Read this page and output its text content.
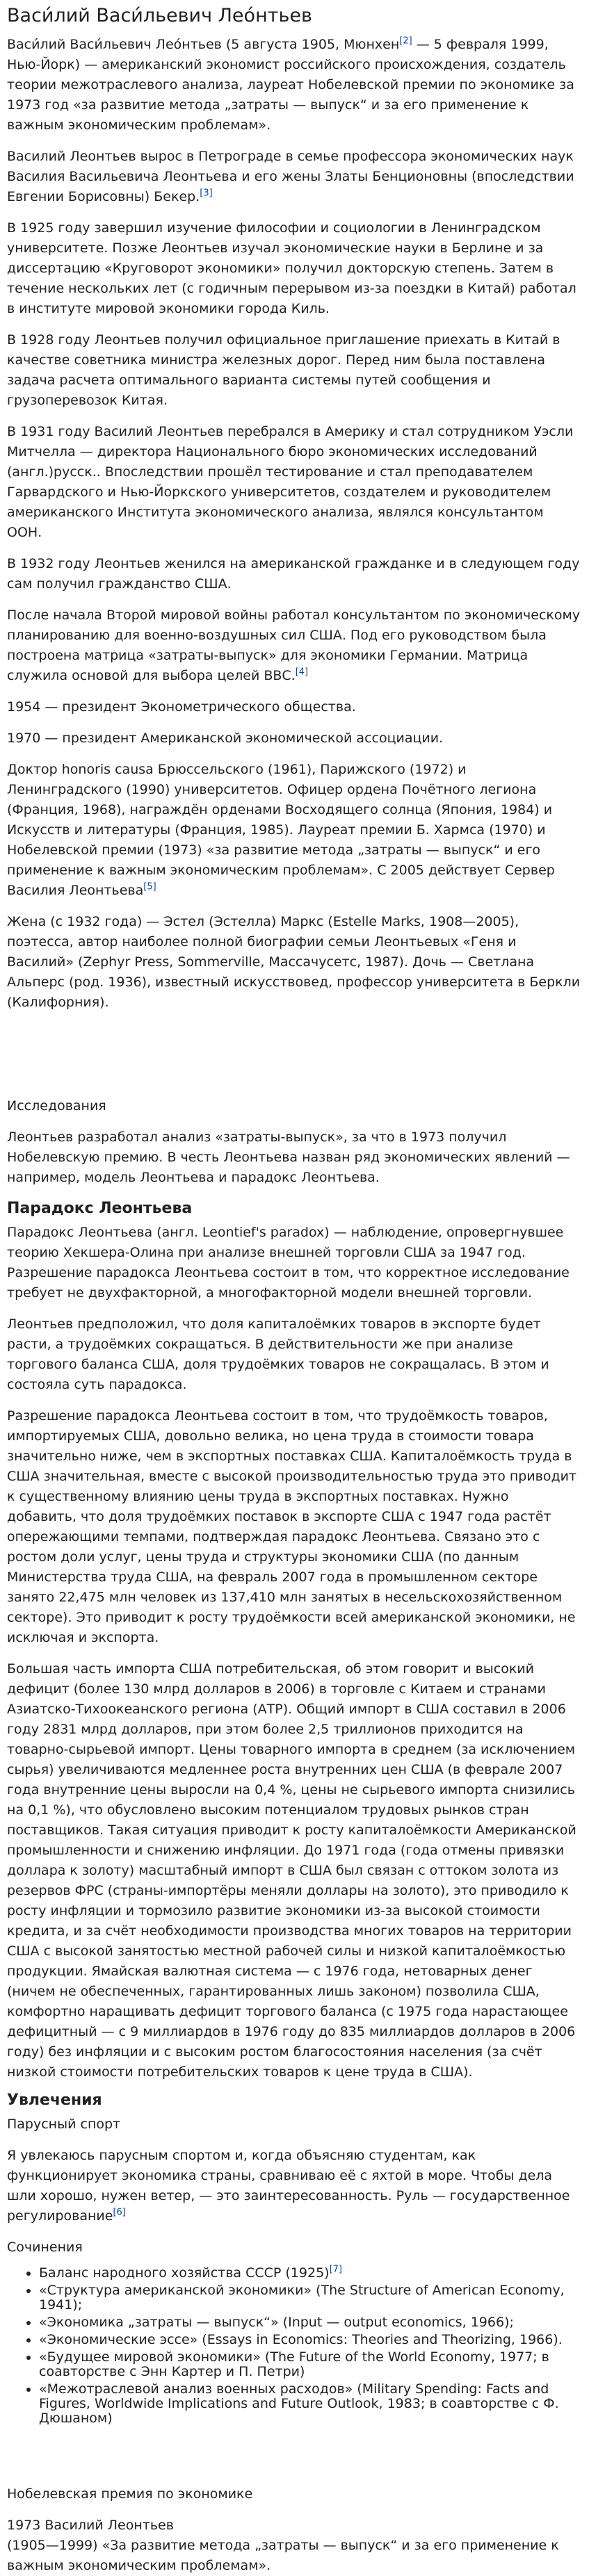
Васи́лий Васи́льевич Лео́нтьев

Васи́лий Васи́льевич Лео́нтьев (5 августа 1905, Мюнхен[2] — 5 февраля 1999, Нью-Йорк) — американский экономист российского происхождения, создатель теории межотраслевого анализа, лауреат Нобелевской премии по экономике за 1973 год «за развитие метода „затраты — выпуск“ и за его применение к важным экономическим проблемам».

Василий Леонтьев вырос в Петрограде в семье профессора экономических наук Василия Васильевича Леонтьева и его жены Златы Бенционовны (впоследствии Евгении Борисовны) Бекер.[3]

В 1925 году завершил изучение философии и социологии в Ленинградском университете. Позже Леонтьев изучал экономические науки в Берлине и за диссертацию «Круговорот экономики» получил докторскую степень. Затем в течение нескольких лет (с годичным перерывом из-за поездки в Китай) работал в институте мировой экономики города Киль.

В 1928 году Леонтьев получил официальное приглашение приехать в Китай в качестве советника министра железных дорог. Перед ним была поставлена задача расчета оптимального варианта системы путей сообщения и грузоперевозок Китая.

В 1931 году Василий Леонтьев перебрался в Америку и стал сотрудником Уэсли Митчелла — директора Национального бюро экономических исследований (англ.)русск.. Впоследствии прошёл тестирование и стал преподавателем Гарвардского и Нью-Йоркского университетов, создателем и руководителем американского Института экономического анализа, являлся консультантом ООН.

В 1932 году Леонтьев женился на американской гражданке и в следующем году сам получил гражданство США.

После начала Второй мировой войны работал консультантом по экономическому планированию для военно-воздушных сил США. Под его руководством была построена матрица «затраты-выпуск» для экономики Германии. Матрица служила основой для выбора целей ВВС.[4]

1954 — президент Эконометрического общества.

1970 — президент Американской экономической ассоциации.

Доктор honoris causa Брюссельского (1961), Парижского (1972) и Ленинградского (1990) университетов. Офицер ордена Почётного легиона (Франция, 1968), награждён орденами Восходящего солнца (Япония, 1984) и Искусств и литературы (Франция, 1985). Лауреат премии Б. Хармса (1970) и Нобелевской премии (1973) «за развитие метода „затраты — выпуск“ и его применение к важным экономическим проблемам». С 2005 действует Сервер Василия Леонтьева[5]

Жена (с 1932 года) — Эстел (Эстелла) Маркс (Estelle Marks, 1908—2005), поэтесса, автор наиболее полной биографии семьи Леонтьевых «Геня и Василий» (Zephyr Press, Sommerville, Массачусетс, 1987). Дочь — Светлана Альперс (род. 1936), известный искусствовед, профессор университета в Беркли (Калифорния).

Исследования

Леонтьев разработал анализ «затраты-выпуск», за что в 1973 получил Нобелевскую премию. В честь Леонтьева назван ряд экономических явлений — например, модель Леонтьева и парадокс Леонтьева.

Парадокс Леонтьева

Парадокс Леонтьева (англ. Leontief's paradox) — наблюдение, опровергнувшее теорию Хекшера-Олина при анализе внешней торговли США за 1947 год. Разрешение парадокса Леонтьева состоит в том, что корректное исследование требует не двухфакторной, а многофакторной модели внешней торговли.

Леонтьев предположил, что доля капиталоёмких товаров в экспорте будет расти, а трудоёмких сокращаться. В действительности же при анализе торгового баланса США, доля трудоёмких товаров не сокращалась. В этом и состояла суть парадокса.

Разрешение парадокса Леонтьева состоит в том, что трудоёмкость товаров, импортируемых США, довольно велика, но цена труда в стоимости товара значительно ниже, чем в экспортных поставках США. Капиталоёмкость труда в США значительная, вместе с высокой производительностью труда это приводит к существенному влиянию цены труда в экспортных поставках. Нужно добавить, что доля трудоёмких поставок в экспорте США с 1947 года растёт опережающими темпами, подтверждая парадокс Леонтьева. Связано это с ростом доли услуг, цены труда и структуры экономики США (по данным Министерства труда США, на февраль 2007 года в промышленном секторе занято 22,475 млн человек из 137,410 млн занятых в несельскохозяйственном секторе). Это приводит к росту трудоёмкости всей американской экономики, не исключая и экспорта.

Большая часть импорта США потребительская, об этом говорит и высокий дефицит (более 130 млрд долларов в 2006) в торговле с Китаем и странами Азиатско-Тихоокеанского региона (АТР). Общий импорт в США составил в 2006 году 2831 млрд долларов, при этом более 2,5 триллионов приходится на товарно-сырьевой импорт. Цены товарного импорта в среднем (за исключением сырья) увеличиваются медленнее роста внутренних цен США (в феврале 2007 года внутренние цены выросли на 0,4 %, цены не сырьевого импорта снизились на 0,1 %), что обусловлено высоким потенциалом трудовых рынков стран поставщиков. Такая ситуация приводит к росту капиталоёмкости Американской промышленности и снижению инфляции. До 1971 года (года отмены привязки доллара к золоту) масштабный импорт в США был связан с оттоком золота из резервов ФРС (страны-импортёры меняли доллары на золото), это приводило к росту инфляции и тормозило развитие экономики из-за высокой стоимости кредита, и за счёт необходимости производства многих товаров на территории США с высокой занятостью местной рабочей силы и низкой капиталоёмкостью продукции. Ямайская валютная система — с 1976 года, нетоварных денег (ничем не обеспеченных, гарантированных лишь законом) позволила США, комфортно наращивать дефицит торгового баланса (с 1975 года нарастающее дефицитный — с 9 миллиардов в 1976 году до 835 миллиардов долларов в 2006 году) без инфляции и с высоким ростом благосостояния населения (за счёт низкой стоимости потребительских товаров к цене труда в США).

Увлечения

Парусный спорт

Я увлекаюсь парусным спортом и, когда объясняю студентам, как функционирует экономика страны, сравниваю её с яхтой в море. Чтобы дела шли хорошо, нужен ветер, — это заинтересованность. Руль — государственное регулирование[6]

Сочинения

• Баланс народного хозяйства СССР (1925)[7]
• «Структура американской экономики» (The Structure of American Economy, 1941);
• «Экономика „затраты — выпуск“» (Input — output economics, 1966);
• «Экономические эссе» (Essays in Economics: Theories and Theorizing, 1966).
• «Будущее мировой экономики» (The Future of the World Economy, 1977; в соавторстве с Энн Картер и П. Петри)
• «Межотраслевой анализ военных расходов» (Military Spending: Facts and Figures, Worldwide Implications and Future Outlook, 1983; в соавторстве с Ф. Дюшаном)

Нобелевская премия по экономике

1973 Василий Леонтьев
(1905—1999) «За развитие метода „затраты — выпуск“ и за его применение к важным экономическим проблемам».
